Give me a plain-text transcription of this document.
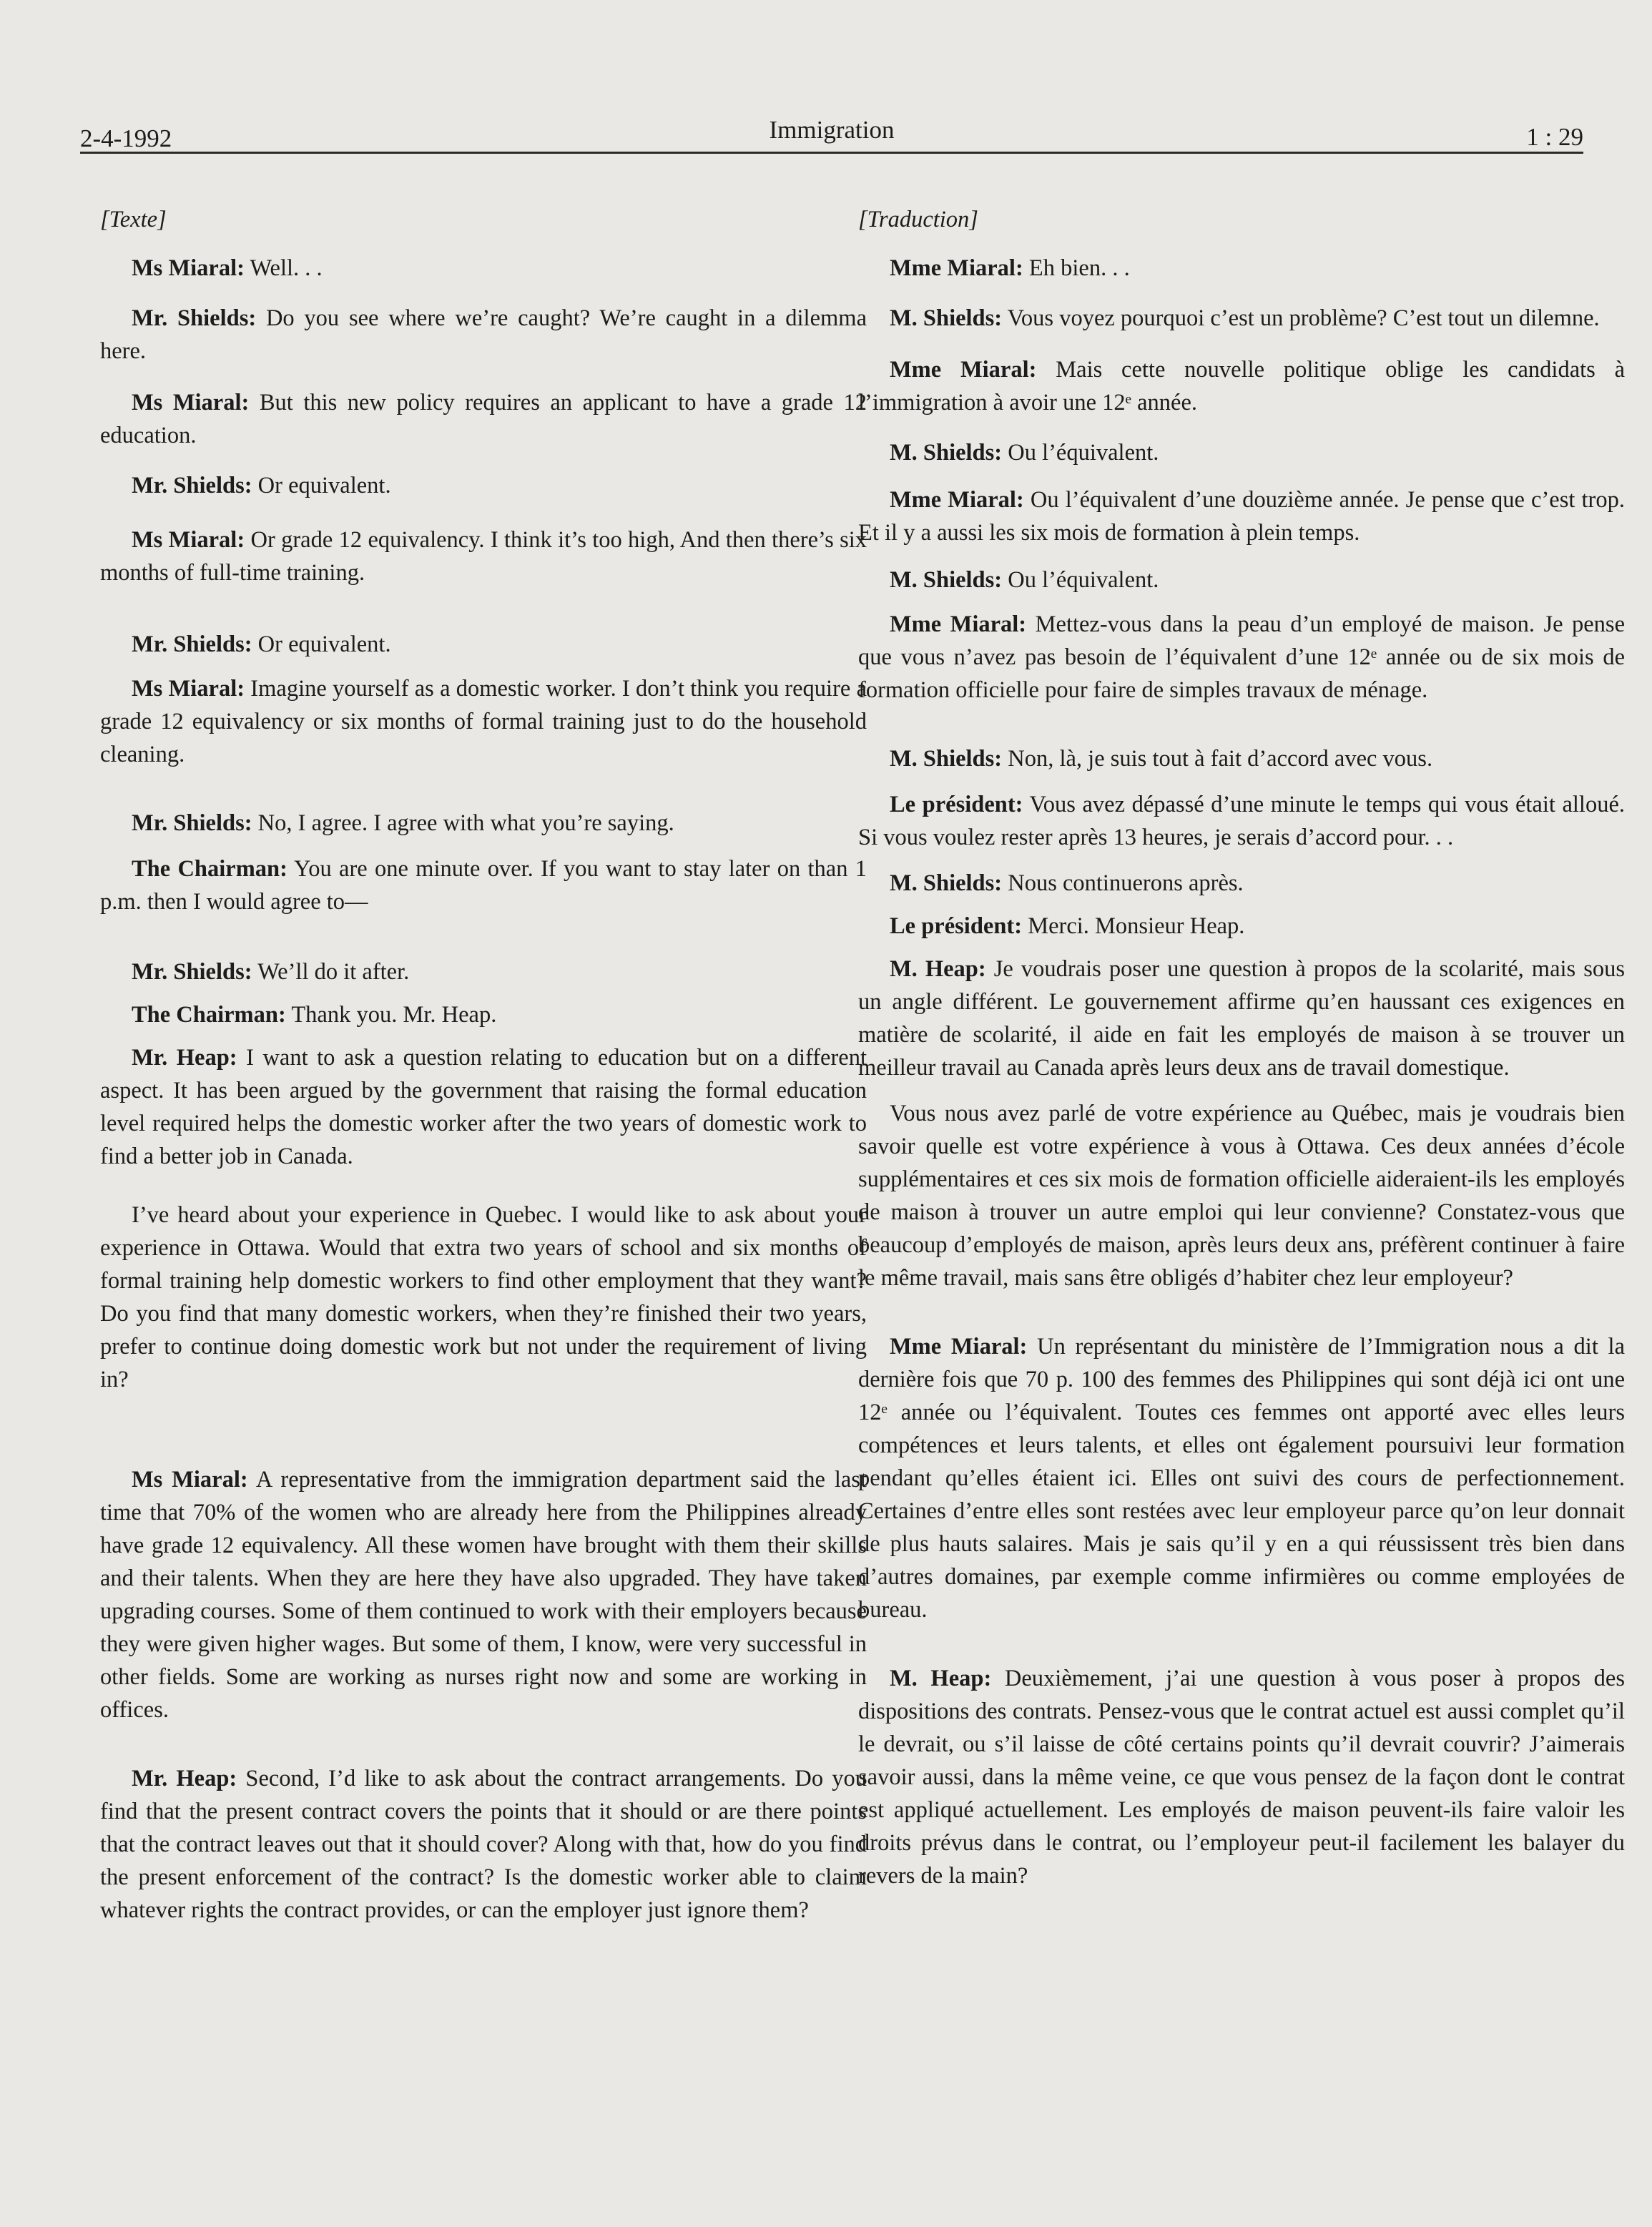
2-4-1992	Immigration	1 : 29
[Texte]

Ms Miaral: Well. . .

Mr. Shields: Do you see where we’re caught? We’re caught in a dilemma here.

Ms Miaral: But this new policy requires an applicant to have a grade 12 education.

Mr. Shields: Or equivalent.

Ms Miaral: Or grade 12 equivalency. I think it’s too high, And then there’s six months of full-time training.

Mr. Shields: Or equivalent.

Ms Miaral: Imagine yourself as a domestic worker. I don’t think you require a grade 12 equivalency or six months of formal training just to do the household cleaning.

Mr. Shields: No, I agree. I agree with what you’re saying.

The Chairman: You are one minute over. If you want to stay later on than 1 p.m. then I would agree to—

Mr. Shields: We’ll do it after.

The Chairman: Thank you. Mr. Heap.

Mr. Heap: I want to ask a question relating to education but on a different aspect. It has been argued by the government that raising the formal education level required helps the domestic worker after the two years of domestic work to find a better job in Canada.

I’ve heard about your experience in Quebec. I would like to ask about your experience in Ottawa. Would that extra two years of school and six months of formal training help domestic workers to find other employment that they want? Do you find that many domestic workers, when they’re finished their two years, prefer to continue doing domestic work but not under the requirement of living in?

Ms Miaral: A representative from the immigration department said the last time that 70% of the women who are already here from the Philippines already have grade 12 equivalency. All these women have brought with them their skills and their talents. When they are here they have also upgraded. They have taken upgrading courses. Some of them continued to work with their employers because they were given higher wages. But some of them, I know, were very successful in other fields. Some are working as nurses right now and some are working in offices.

Mr. Heap: Second, I’d like to ask about the contract arrangements. Do you find that the present contract covers the points that it should or are there points that the contract leaves out that it should cover? Along with that, how do you find the present enforcement of the contract? Is the domestic worker able to claim whatever rights the contract provides, or can the employer just ignore them?

[Traduction]

Mme Miaral: Eh bien. . .

M. Shields: Vous voyez pourquoi c’est un problème? C’est tout un dilemne.

Mme Miaral: Mais cette nouvelle politique oblige les candidats à l’immigration à avoir une 12ᵉ année.

M. Shields: Ou l’équivalent.

Mme Miaral: Ou l’équivalent d’une douzième année. Je pense que c’est trop. Et il y a aussi les six mois de formation à plein temps.

M. Shields: Ou l’équivalent.

Mme Miaral: Mettez-vous dans la peau d’un employé de maison. Je pense que vous n’avez pas besoin de l’équivalent d’une 12ᵉ année ou de six mois de formation officielle pour faire de simples travaux de ménage.

M. Shields: Non, là, je suis tout à fait d’accord avec vous.

Le président: Vous avez dépassé d’une minute le temps qui vous était alloué. Si vous voulez rester après 13 heures, je serais d’accord pour. . .

M. Shields: Nous continuerons après.

Le président: Merci. Monsieur Heap.

M. Heap: Je voudrais poser une question à propos de la scolarité, mais sous un angle différent. Le gouvernement affirme qu’en haussant ces exigences en matière de scolarité, il aide en fait les employés de maison à se trouver un meilleur travail au Canada après leurs deux ans de travail domestique.

Vous nous avez parlé de votre expérience au Québec, mais je voudrais bien savoir quelle est votre expérience à vous à Ottawa. Ces deux années d’école supplémentaires et ces six mois de formation officielle aideraient-ils les employés de maison à trouver un autre emploi qui leur convienne? Constatez-vous que beaucoup d’employés de maison, après leurs deux ans, préfèrent continuer à faire le même travail, mais sans être obligés d’habiter chez leur employeur?

Mme Miaral: Un représentant du ministère de l’Immigration nous a dit la dernière fois que 70 p. 100 des femmes des Philippines qui sont déjà ici ont une 12ᵉ année ou l’équivalent. Toutes ces femmes ont apporté avec elles leurs compétences et leurs talents, et elles ont également poursuivi leur formation pendant qu’elles étaient ici. Elles ont suivi des cours de perfectionnement. Certaines d’entre elles sont restées avec leur employeur parce qu’on leur donnait de plus hauts salaires. Mais je sais qu’il y en a qui réussissent très bien dans d’autres domaines, par exemple comme infirmières ou comme employées de bureau.

M. Heap: Deuxièmement, j’ai une question à vous poser à propos des dispositions des contrats. Pensez-vous que le contrat actuel est aussi complet qu’il le devrait, ou s’il laisse de côté certains points qu’il devrait couvrir? J’aimerais savoir aussi, dans la même veine, ce que vous pensez de la façon dont le contrat est appliqué actuellement. Les employés de maison peuvent-ils faire valoir les droits prévus dans le contrat, ou l’employeur peut-il facilement les balayer du revers de la main?
